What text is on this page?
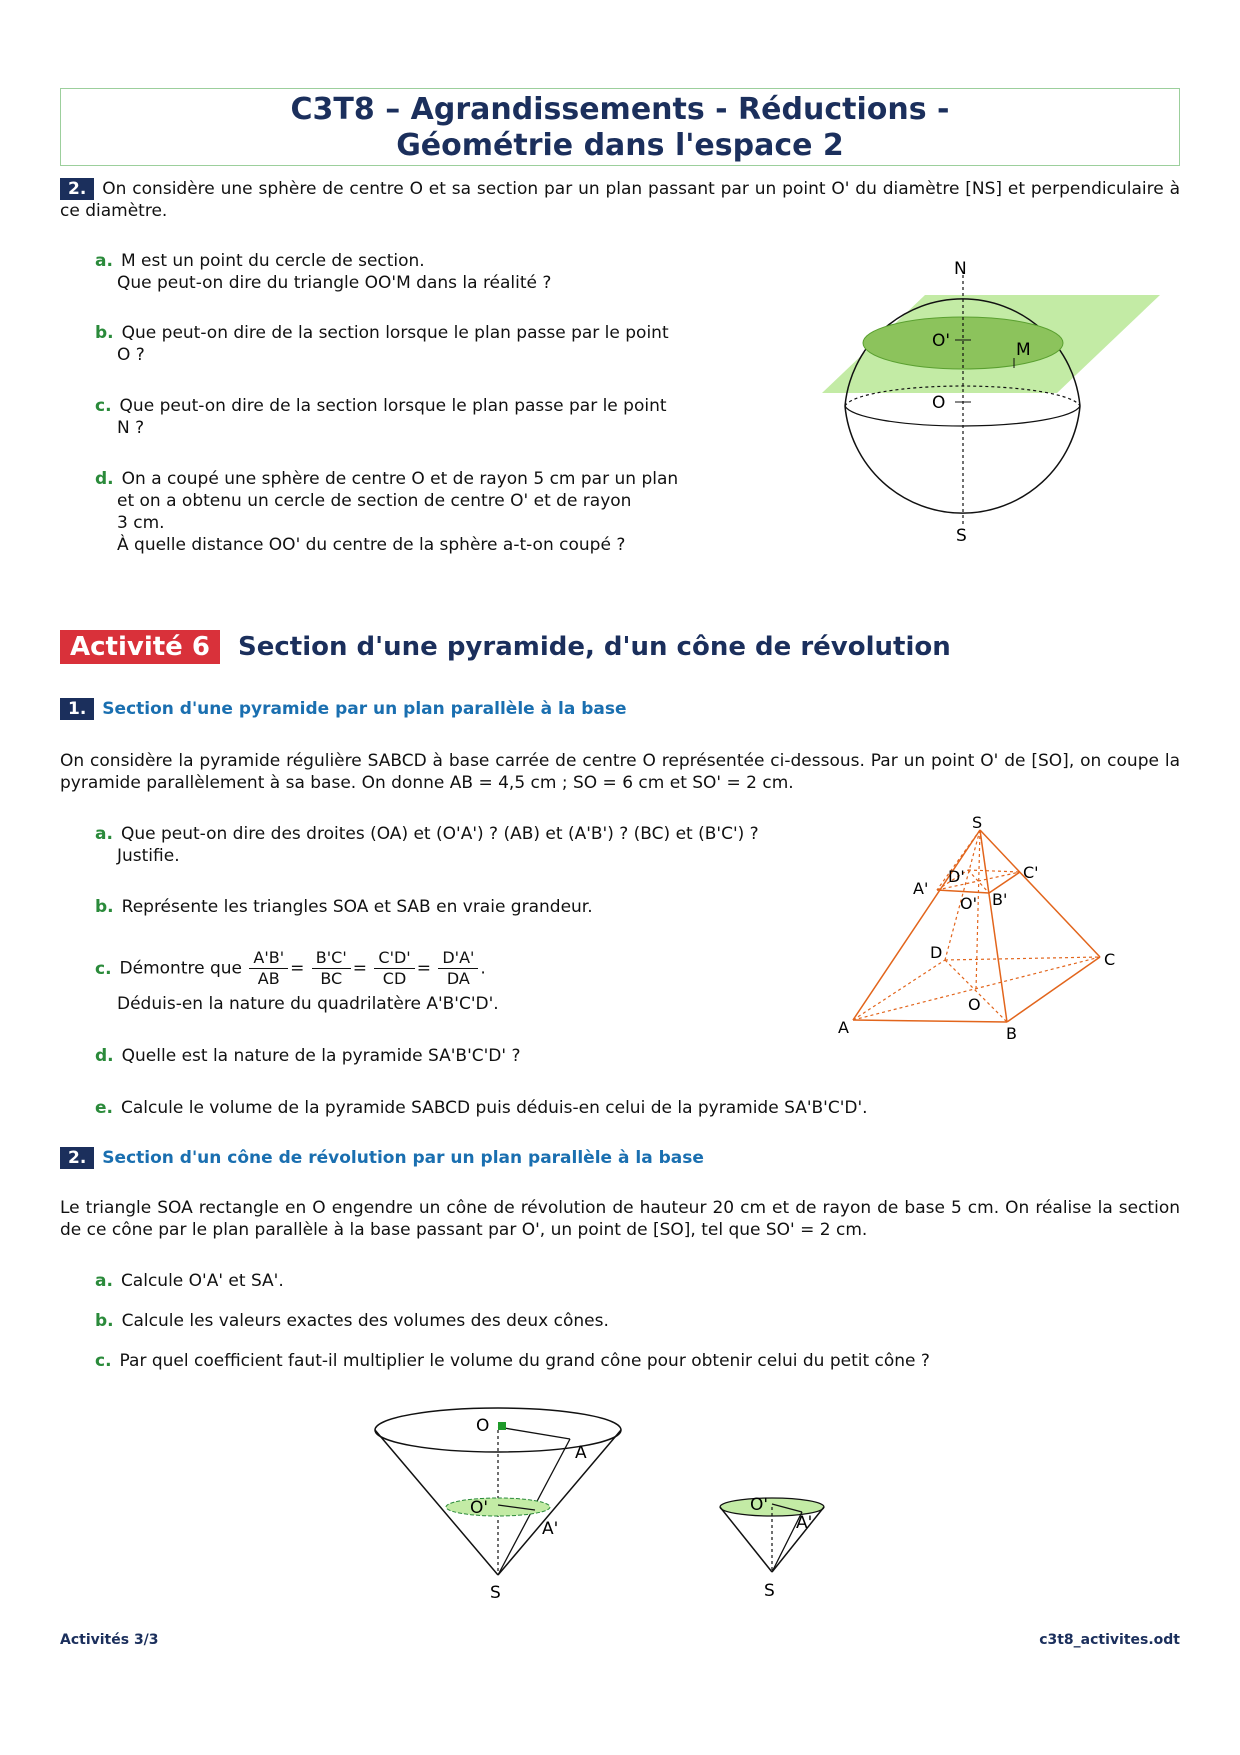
C3T8 – Agrandissements - Réductions -
Géométrie dans l'espace 2
2. On considère une sphère de centre O et sa section par un plan passant par un point O' du diamètre [NS] et perpendiculaire à ce diamètre.
a. M est un point du cercle de section.
Que peut-on dire du triangle OO'M dans la réalité ?
b. Que peut-on dire de la section lorsque le plan passe par le point
O ?
c. Que peut-on dire de la section lorsque le plan passe par le point
N ?
d. On a coupé une sphère de centre O et de rayon 5 cm par un plan
et on a obtenu un cercle de section de centre O' et de rayon
3 cm.
À quelle distance OO' du centre de la sphère a-t-on coupé ?
N
S
O'	M
O
Activité 6	Section d'une pyramide, d'un cône de révolution
1. Section d'une pyramide par un plan parallèle à la base
On considère la pyramide régulière SABCD à base carrée de centre O représentée ci-dessous. Par un point O' de [SO], on coupe la pyramide parallèlement à sa base. On donne AB = 4,5 cm ; SO = 6 cm et SO' = 2 cm.
a. Que peut-on dire des droites (OA) et (O'A') ? (AB) et (A'B') ? (BC) et (B'C') ?
Justifie.
b. Représente les triangles SOA et SAB en vraie grandeur.
c. Démontre que $\frac{A'B'}{AB} = \frac{B'C'}{BC} = \frac{C'D'}{CD} = \frac{D'A'}{DA}$ .
Déduis-en la nature du quadrilatère A'B'C'D'.
d. Quelle est la nature de la pyramide SA'B'C'D' ?
e. Calcule le volume de la pyramide SABCD puis déduis-en celui de la pyramide SA'B'C'D'.
S
A	B
C
D
O
A'
B'
C'
D'
O'
2. Section d'un cône de révolution par un plan parallèle à la base
Le triangle SOA rectangle en O engendre un cône de révolution de hauteur 20 cm et de rayon de base 5 cm. On réalise la section de ce cône par le plan parallèle à la base passant par O', un point de [SO], tel que SO' = 2 cm.
a. Calcule O'A' et SA'.
b. Calcule les valeurs exactes des volumes des deux cônes.
c. Par quel coefficient faut-il multiplier le volume du grand cône pour obtenir celui du petit cône ?
O
A
O'
A'
S
O'
A'
S
Activités 3/3	c3t8_activites.odt
